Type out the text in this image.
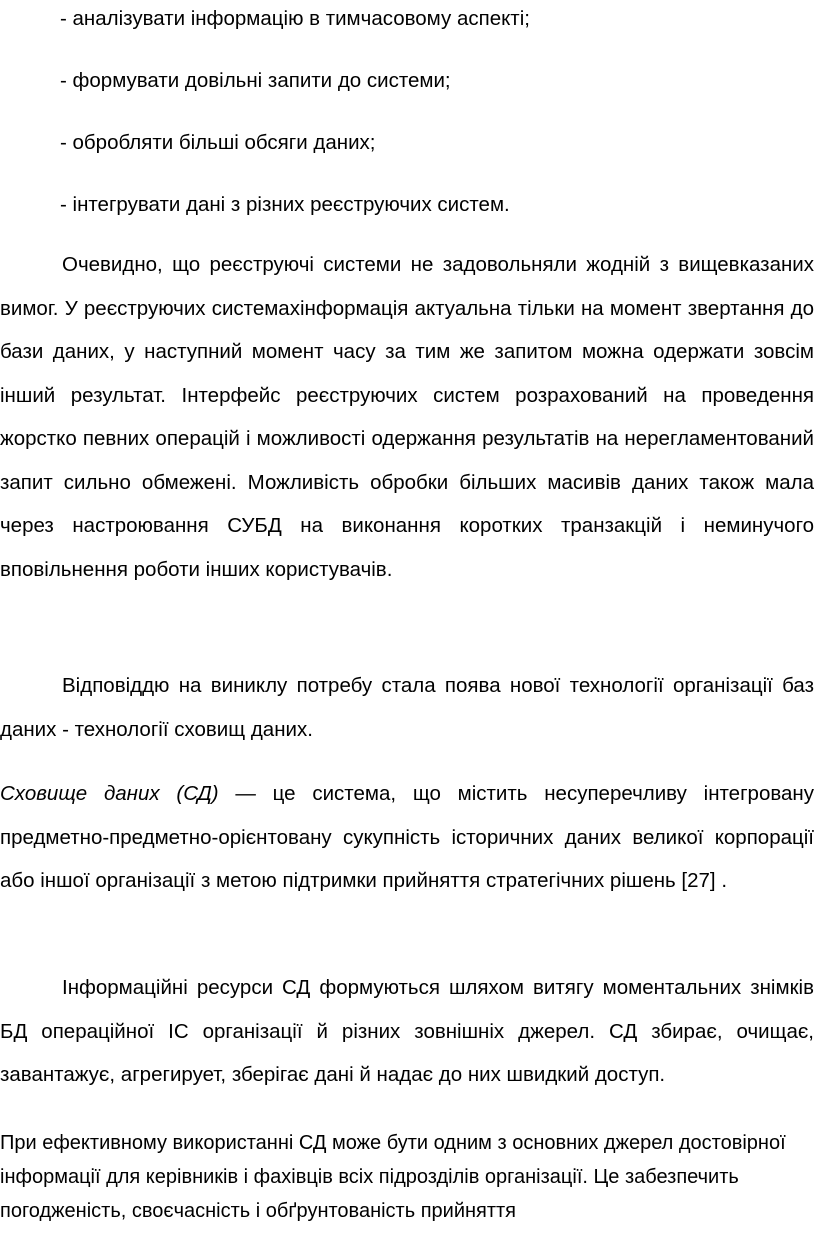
- аналізувати інформацію в тимчасовому аспекті;
- формувати довільні запити до системи;
- обробляти більші обсяги даних;
- інтегрувати дані з різних реєструючих систем.

Очевидно, що реєструючі системи не задовольняли жодній з вищевказаних вимог. У реєструючих системахінформація актуальна тільки на момент звертання до бази даних, у наступний момент часу за тим же запитом можна одержати зовсім інший результат. Інтерфейс реєструючих систем розрахований на проведення жорстко певних операцій і можливості одержання результатів на нерегламентований запит сильно обмежені. Можливість обробки більших масивів даних також мала через настроювання СУБД на виконання коротких транзакцій і неминучого вповільнення роботи інших користувачів.

Відповіддю на виниклу потребу стала поява нової технології організації баз даних - технології сховищ даних.

Сховище даних (СД) — це система, що містить несуперечливу інтегровану предметно-предметно-орієнтовану сукупність історичних даних великої корпорації або іншої організації з метою підтримки прийняття стратегічних рішень [27] .

Інформаційні ресурси СД формуються шляхом витягу моментальних знімків БД операційної ІС організації й різних зовнішніх джерел. СД збирає, очищає, завантажує, агрегирует, зберігає дані й надає до них швидкий доступ.

При ефективному використанні СД може бути одним з основних джерел достовірної інформації для керівників і фахівців всіх підрозділів організації. Це забезпечить погодженість, своєчасність і обґрунтованість прийняття
